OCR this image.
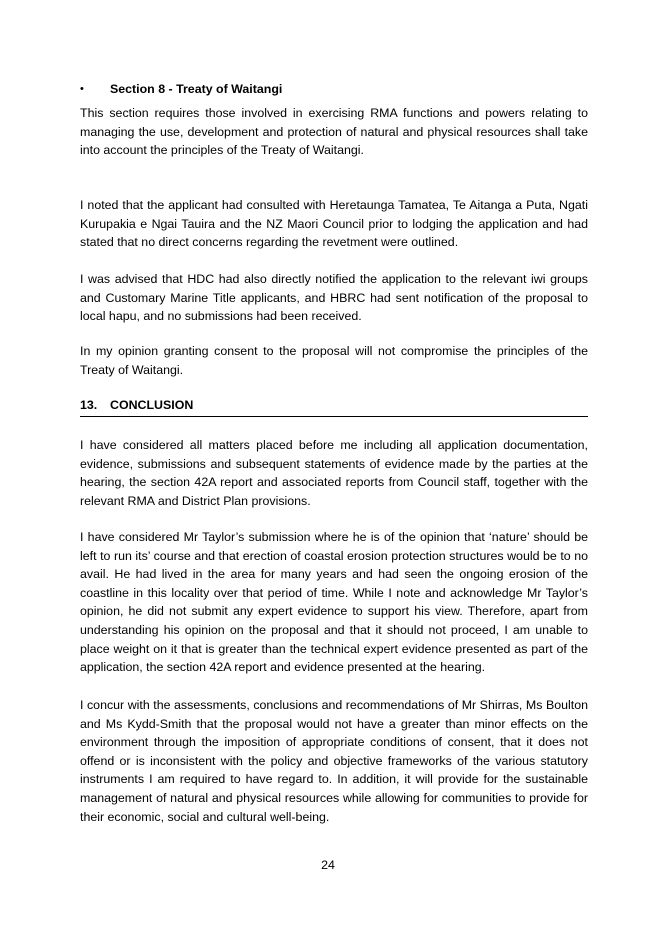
• Section 8 - Treaty of Waitangi

This section requires those involved in exercising RMA functions and powers relating to managing the use, development and protection of natural and physical resources shall take into account the principles of the Treaty of Waitangi.

I noted that the applicant had consulted with Heretaunga Tamatea, Te Aitanga a Puta, Ngati Kurupakia e Ngai Tauira and the NZ Maori Council prior to lodging the application and had stated that no direct concerns regarding the revetment were outlined.

I was advised that HDC had also directly notified the application to the relevant iwi groups and Customary Marine Title applicants, and HBRC had sent notification of the proposal to local hapu, and no submissions had been received.

In my opinion granting consent to the proposal will not compromise the principles of the Treaty of Waitangi.

13. CONCLUSION

I have considered all matters placed before me including all application documentation, evidence, submissions and subsequent statements of evidence made by the parties at the hearing, the section 42A report and associated reports from Council staff, together with the relevant RMA and District Plan provisions.

I have considered Mr Taylor’s submission where he is of the opinion that ‘nature’ should be left to run its’ course and that erection of coastal erosion protection structures would be to no avail. He had lived in the area for many years and had seen the ongoing erosion of the coastline in this locality over that period of time. While I note and acknowledge Mr Taylor’s opinion, he did not submit any expert evidence to support his view. Therefore, apart from understanding his opinion on the proposal and that it should not proceed, I am unable to place weight on it that is greater than the technical expert evidence presented as part of the application, the section 42A report and evidence presented at the hearing.

I concur with the assessments, conclusions and recommendations of Mr Shirras, Ms Boulton and Ms Kydd-Smith that the proposal would not have a greater than minor effects on the environment through the imposition of appropriate conditions of consent, that it does not offend or is inconsistent with the policy and objective frameworks of the various statutory instruments I am required to have regard to. In addition, it will provide for the sustainable management of natural and physical resources while allowing for communities to provide for their economic, social and cultural well-being.

24
